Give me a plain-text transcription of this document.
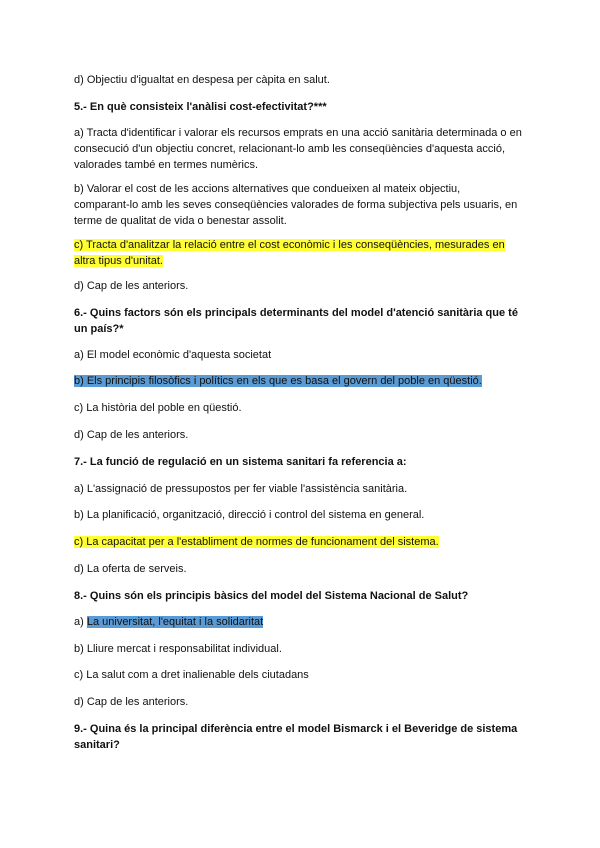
d) Objectiu d'igualtat en despesa per càpita en salut.

5.- En què consisteix l'anàlisi cost-efectivitat?***

a) Tracta d'identificar i valorar els recursos emprats en una acció sanitària determinada o en
consecució d'un objectiu concret, relacionant-lo amb les conseqüències d'aquesta acció,
valorades també en termes numèrics.

b) Valorar el cost de les accions alternatives que condueixen al mateix objectiu,
comparant-lo amb les seves conseqüències valorades de forma subjectiva pels usuaris, en
terme de qualitat de vida o benestar assolit.

c) Tracta d'analitzar la relació entre el cost econòmic i les conseqüències, mesurades en
altra tipus d'unitat.

d) Cap de les anteriors.

6.- Quins factors són els principals determinants del model d'atenció sanitària que té
un país?*

a) El model econòmic d'aquesta societat

b) Els principis filosòfics i polítics en els que es basa el govern del poble en qüestió.

c) La història del poble en qüestió.

d) Cap de les anteriors.

7.- La funció de regulació en un sistema sanitari fa referencia a:

a) L'assignació de pressupostos per fer viable l'assistència sanitària.

b) La planificació, organització, direcció i control del sistema en general.

c) La capacitat per a l'establiment de normes de funcionament del sistema.

d) La oferta de serveis.

8.- Quins són els principis bàsics del model del Sistema Nacional de Salut?

a) La universitat, l'equitat i la solidaritat

b) Lliure mercat i responsabilitat individual.

c) La salut com a dret inalienable dels ciutadans

d) Cap de les anteriors.

9.- Quina és la principal diferència entre el model Bismarck i el Beveridge de sistema
sanitari?
